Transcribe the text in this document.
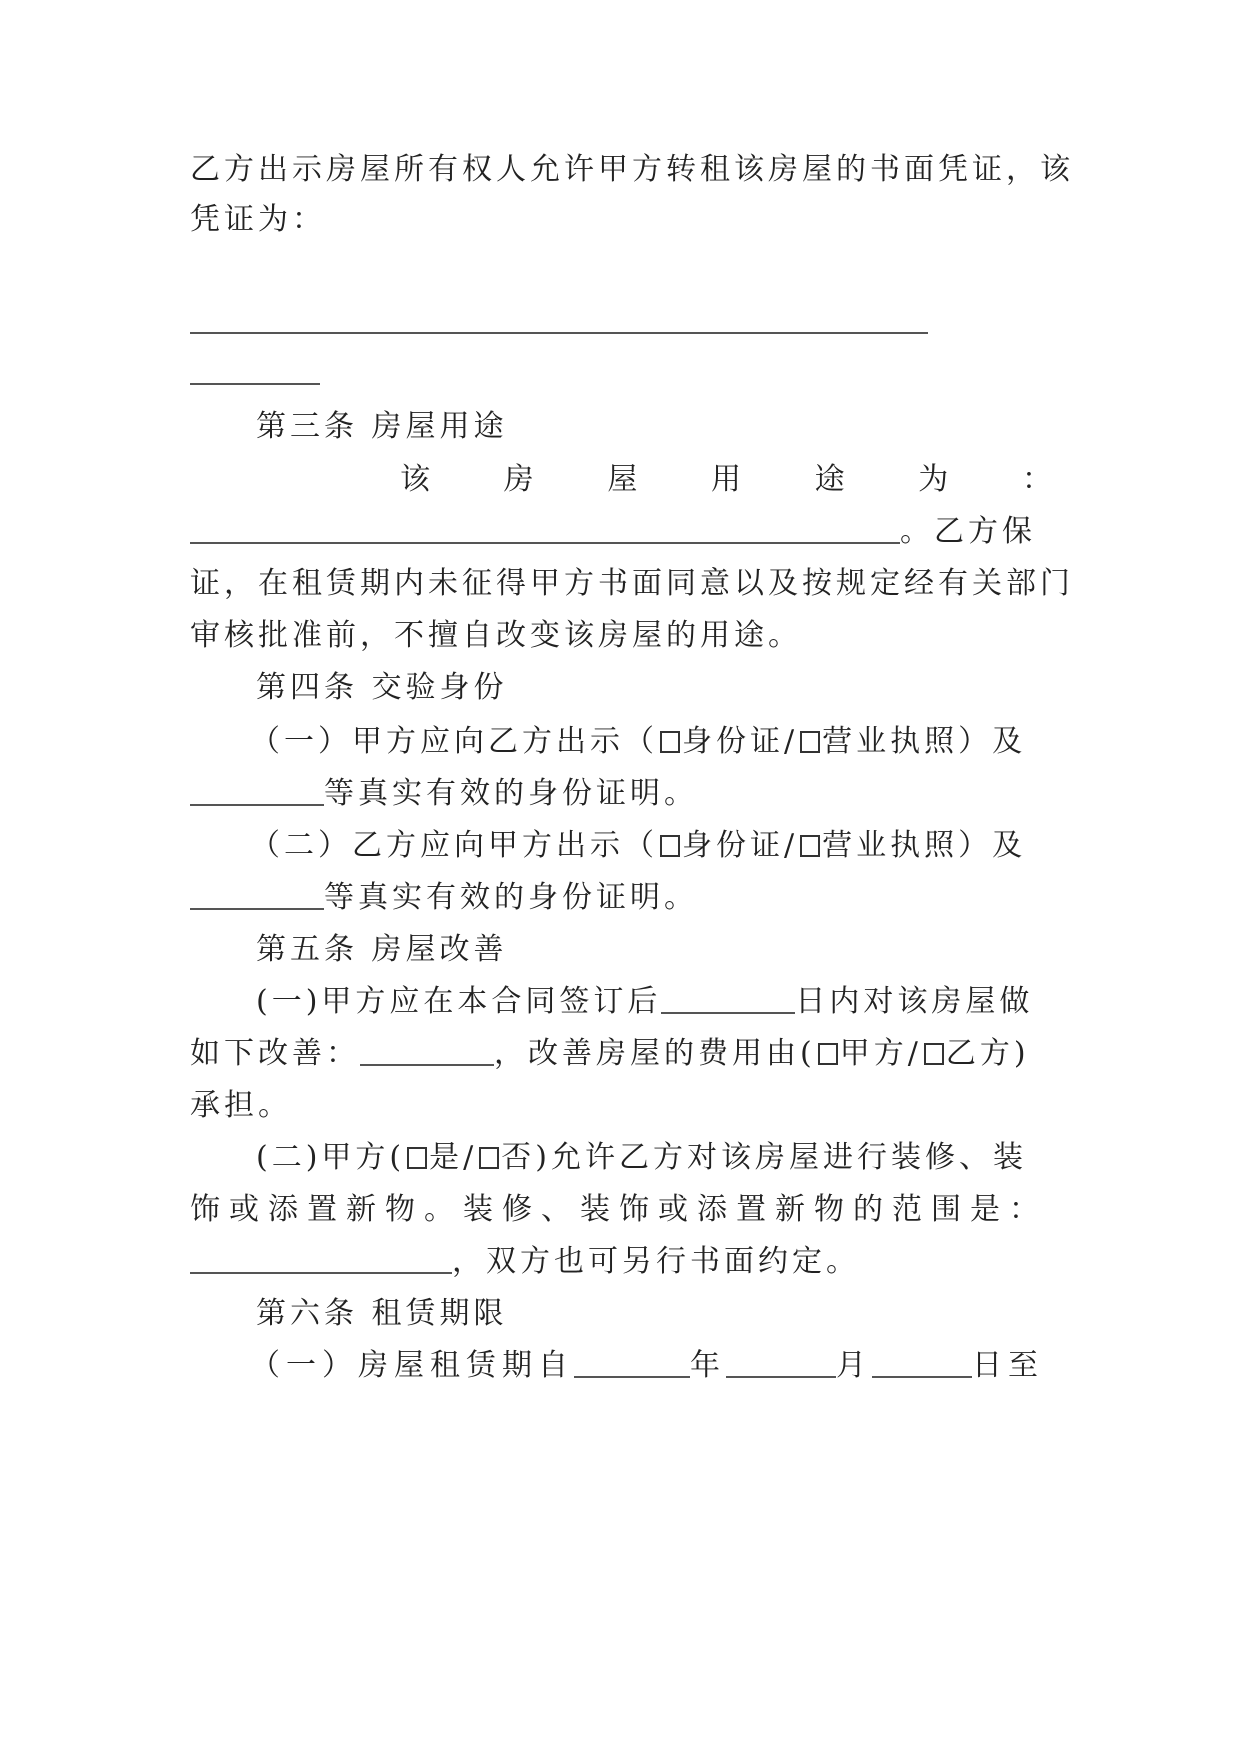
乙方出示房屋所有权人允许甲方转租该房屋的书面凭证，该
凭证为：
第三条 房屋用途
该 房 屋 用 途 为 ：
。乙方保
证，在租赁期内未征得甲方书面同意以及按规定经有关部门
审核批准前，不擅自改变该房屋的用途。
第四条 交验身份
（一）甲方应向乙方出示（ 身份证/ 营业执照）及
等真实有效的身份证明。
（二）乙方应向甲方出示（ 身份证/ 营业执照）及
等真实有效的身份证明。
第五条 房屋改善
(一)甲方应在本合同签订后	日内对该房屋做
如下改善：	，改善房屋的费用由( 甲方/ 乙方)
承担。
(二)甲方( 是/ 否)允许乙方对该房屋进行装修、装
饰或添置新物。装修、装饰或添置新物的范围是：
，双方也可另行书面约定。
第六条 租赁期限
（一）房屋租赁期自	年	月	日至
